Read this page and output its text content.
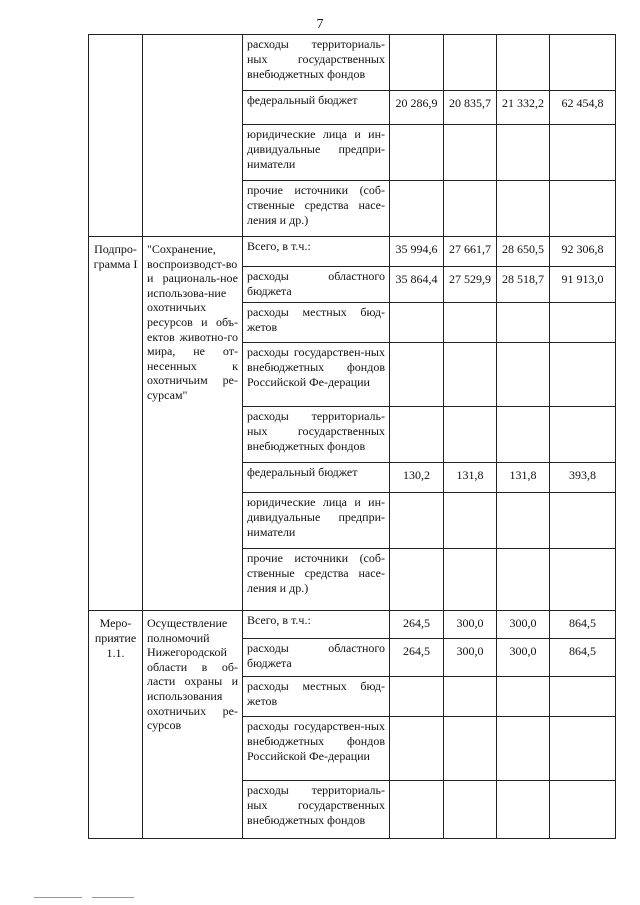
7
		расходы территориаль-ных государственных внебюджетных фондов				
		федеральный бюджет	20 286,9	20 835,7	21 332,2	62 454,8
		юридические лица и ин-дивидуальные предпри-ниматели				
		прочие источники (соб-ственные средства насе-ления и др.)				
Подпро-грамма I	"Сохранение, воспроизводст-во и рациональ-ное использова-ние охотничьих ресурсов и объ-ектов животно-го мира, не от-несенных к охотничьим ре-сурсам"	Всего, в т.ч.:	35 994,6	27 661,7	28 650,5	92 306,8
		расходы областного бюджета	35 864,4	27 529,9	28 518,7	91 913,0
		расходы местных бюд-жетов				
		расходы государствен-ных внебюджетных фондов Российской Фе-дерации				
		расходы территориаль-ных государственных внебюджетных фондов				
		федеральный бюджет	130,2	131,8	131,8	393,8
		юридические лица и ин-дивидуальные предпри-ниматели				
		прочие источники (соб-ственные средства насе-ления и др.)				
Меро-приятие 1.1.	Осуществление полномочий Нижегородской области в об-ласти охраны и использования охотничьих ре-сурсов	Всего, в т.ч.:	264,5	300,0	300,0	864,5
		расходы областного бюджета	264,5	300,0	300,0	864,5
		расходы местных бюд-жетов				
		расходы государствен-ных внебюджетных фондов Российской Фе-дерации				
		расходы территориаль-ных государственных внебюджетных фондов				
